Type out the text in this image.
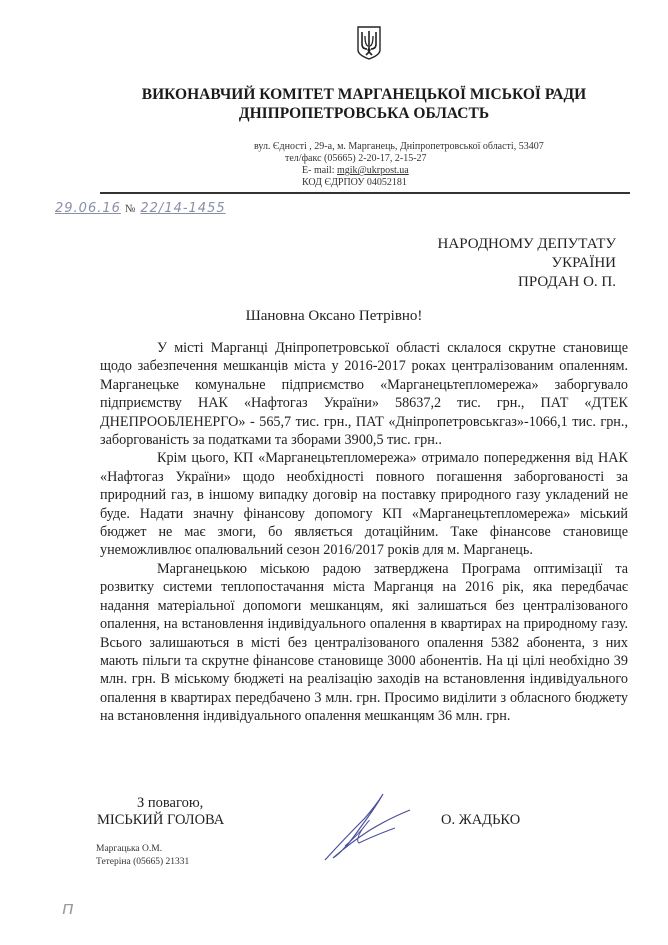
ВИКОНАВЧИЙ КОМІТЕТ МАРГАНЕЦЬКОЇ МІСЬКОЇ РАДИ
ДНІПРОПЕТРОВСЬКА ОБЛАСТЬ
вул. Єдності , 29-а, м. Марганець, Дніпропетровської області, 53407
тел/факс (05665) 2-20-17, 2-15-27
E- mail: mgik@ukrpost.ua
КОД ЄДРПОУ 04052181
29.06.16 № 22/14-1455
НАРОДНОМУ ДЕПУТАТУ
УКРАЇНИ
ПРОДАН О. П.
Шановна Оксано Петрівно!

У місті Марганці Дніпропетровської області склалося скрутне становище щодо забезпечення мешканців міста у 2016-2017 роках централізованим опаленням. Марганецьке комунальне підприємство «Марганецьтепломережа» заборгувало підприємству НАК «Нафтогаз України» 58637,2 тис. грн., ПАТ «ДТЕК ДНЕПРООБЛЕНЕРГО» - 565,7 тис. грн., ПАТ «Дніпропетровськгаз»-1066,1 тис. грн., заборгованість за податками та зборами 3900,5 тис. грн..

Крім цього, КП «Марганецьтепломережа» отримало попередження від НАК «Нафтогаз України» щодо необхідності повного погашення заборгованості за природний газ, в іншому випадку договір на поставку природного газу укладений не буде. Надати значну фінансову допомогу КП «Марганецьтепломережа» міський бюджет не має змоги, бо являється дотаційним. Таке фінансове становище унеможливлює опалювальний сезон 2016/2017 років для м. Марганець.

Марганецькою міською радою затверджена Програма оптимізації та розвитку системи теплопостачання міста Марганця на 2016 рік, яка передбачає надання матеріальної допомоги мешканцям, які залишаться без централізованого опалення, на встановлення індивідуального опалення в квартирах на природному газу. Всього залишаються в місті без централізованого опалення 5382 абонента, з них мають пільги та скрутне фінансове становище 3000 абонентів. На ці цілі необхідно 39 млн. грн. В міському бюджеті на реалізацію заходів на встановлення індивідуального опалення в квартирах передбачено 3 млн. грн. Просимо виділити з обласного бюджету на встановлення індивідуального опалення мешканцям 36 млн. грн.

З повагою,
МІСЬКИЙ ГОЛОВА	О. ЖАДЬКО
Маргацька О.М.
Тетеріна (05665) 21331
п
